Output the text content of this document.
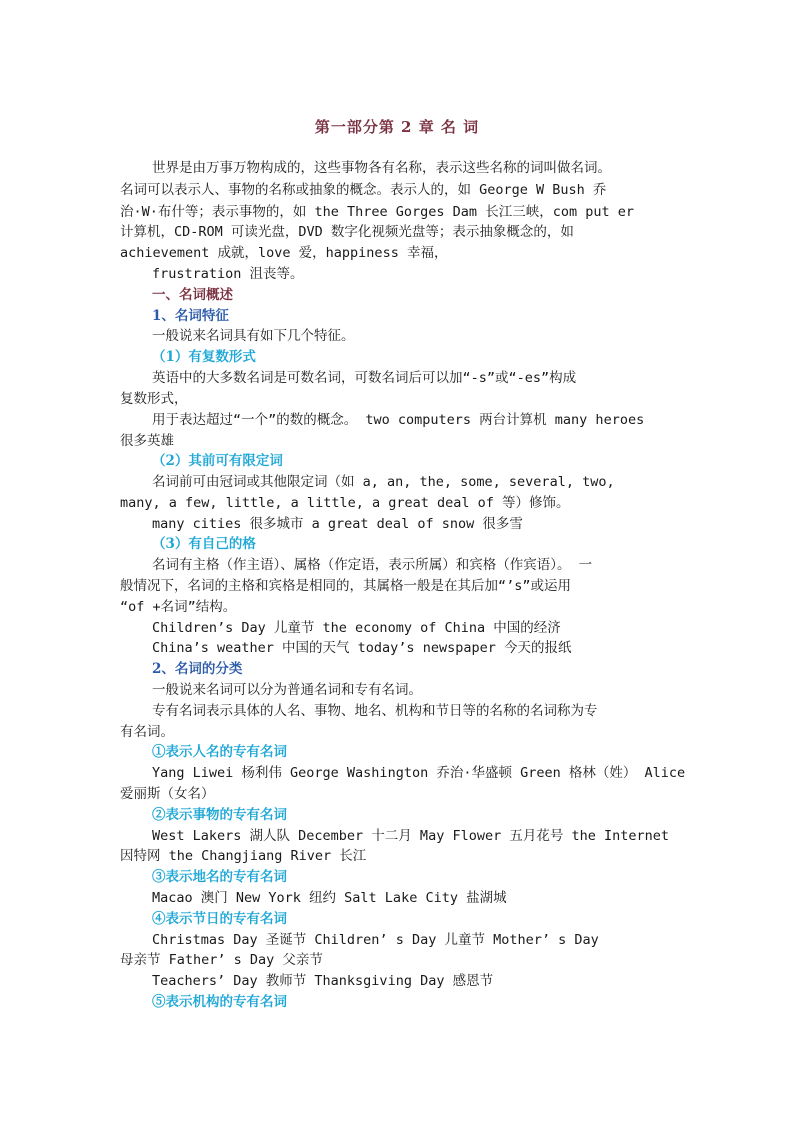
第一部分第 2 章 名 词
世界是由万事万物构成的，这些事物各有名称，表示这些名称的词叫做名词。
名词可以表示人、事物的名称或抽象的概念。表示人的，如 George W Bush 乔
治·W·布什等；表示事物的，如 the Three Gorges Dam 长江三峡，com put er
计算机，CD-ROM 可读光盘，DVD 数字化视频光盘等；表示抽象概念的，如
achievement 成就，love 爱，happiness 幸福，
frustration 沮丧等。
一、名词概述
1、名词特征
一般说来名词具有如下几个特征。
（1）有复数形式
英语中的大多数名词是可数名词，可数名词后可以加“-s”或“-es”构成
复数形式，
用于表达超过“一个”的数的概念。 two computers 两台计算机 many heroes
很多英雄
（2）其前可有限定词
名词前可由冠词或其他限定词（如 a, an, the, some, several, two,
many, a few, little, a little, a great deal of 等）修饰。
many cities 很多城市 a great deal of snow 很多雪
（3）有自己的格
名词有主格（作主语）、属格（作定语，表示所属）和宾格（作宾语）。 一
般情况下，名词的主格和宾格是相同的，其属格一般是在其后加“’s”或运用
“of +名词”结构。
Children’s Day 儿童节 the economy of China 中国的经济
China’s weather 中国的天气 today’s newspaper 今天的报纸
2、名词的分类
一般说来名词可以分为普通名词和专有名词。
专有名词表示具体的人名、事物、地名、机构和节日等的名称的名词称为专
有名词。
①表示人名的专有名词
Yang Liwei 杨利伟 George Washington 乔治·华盛顿 Green 格林（姓） Alice
爱丽斯（女名）
②表示事物的专有名词
West Lakers 湖人队 December 十二月 May Flower 五月花号 the Internet
因特网 the Changjiang River 长江
③表示地名的专有名词
Macao 澳门 New York 纽约 Salt Lake City 盐湖城
④表示节日的专有名词
Christmas Day 圣诞节 Children’ s Day 儿童节 Mother’ s Day
母亲节 Father’ s Day 父亲节
Teachers’ Day 教师节 Thanksgiving Day 感恩节
⑤表示机构的专有名词
